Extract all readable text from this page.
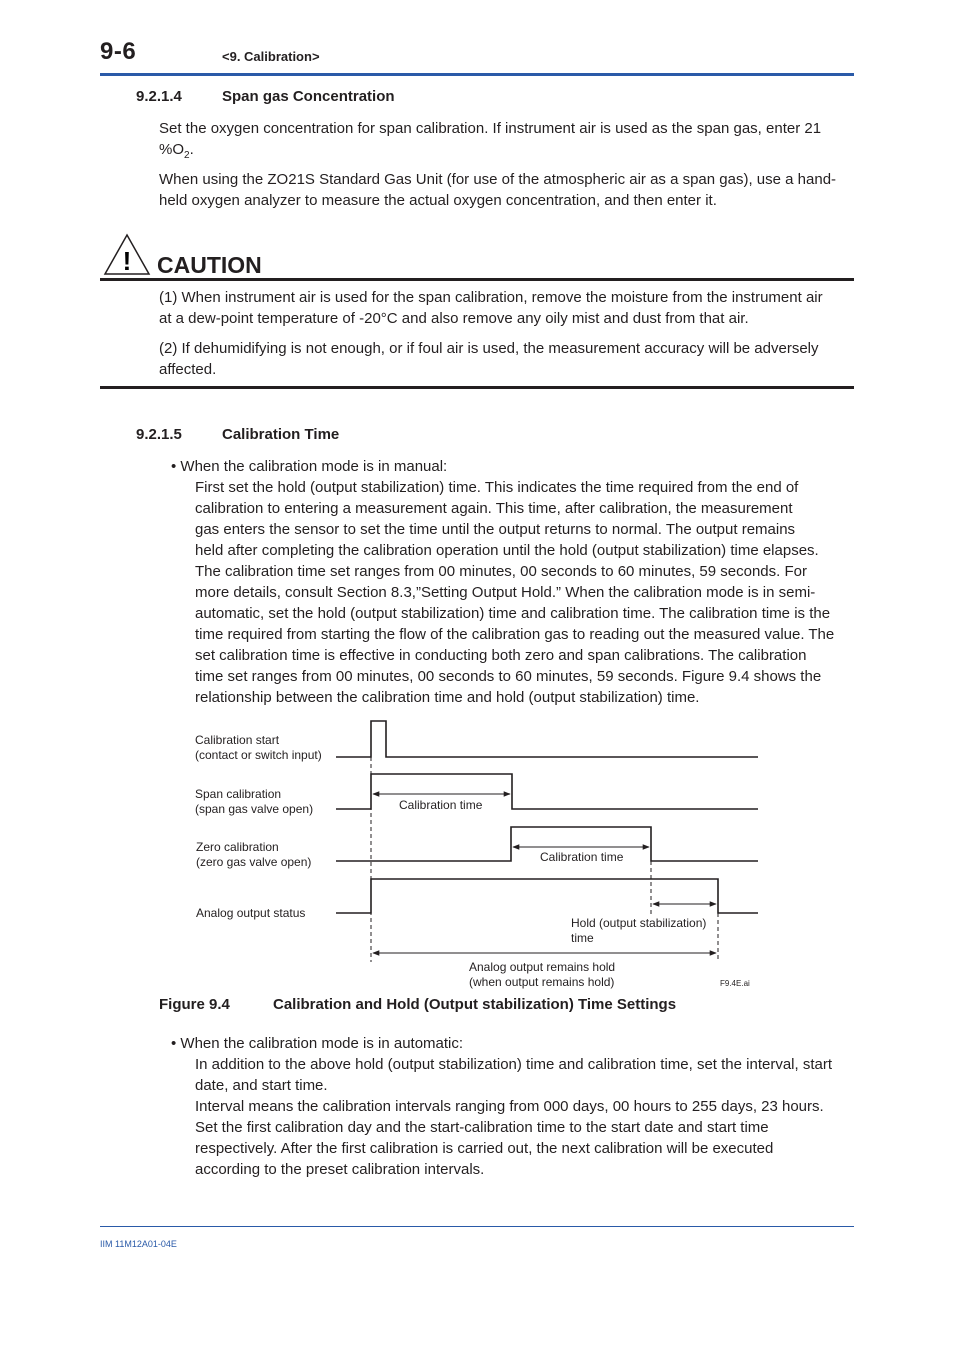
9-6	<9. Calibration>
9.2.1.4	Span gas Concentration
Set the oxygen concentration for span calibration. If instrument air is used as the span gas, enter 21
$\%O_2$.
When using the ZO21S Standard Gas Unit (for use of the atmospheric air as a span gas), use a hand-
held oxygen analyzer to measure the actual oxygen concentration, and then enter it.
! CAUTION
(1) When instrument air is used for the span calibration, remove the moisture from the instrument air
at a dew-point temperature of -20°C and also remove any oily mist and dust from that air.
(2) If dehumidifying is not enough, or if foul air is used, the measurement accuracy will be adversely
affected.
9.2.1.5	Calibration Time
• When the calibration mode is in manual:
First set the hold (output stabilization) time. This indicates the time required from the end of
calibration to entering a measurement again. This time, after calibration, the measurement
gas enters the sensor to set the time until the output returns to normal. The output remains
held after completing the calibration operation until the hold (output stabilization) time elapses.
The calibration time set ranges from 00 minutes, 00 seconds to 60 minutes, 59 seconds. For
more details, consult Section 8.3,”Setting Output Hold.” When the calibration mode is in semi-
automatic, set the hold (output stabilization) time and calibration time. The calibration time is the
time required from starting the flow of the calibration gas to reading out the measured value. The
set calibration time is effective in conducting both zero and span calibrations. The calibration
time set ranges from 00 minutes, 00 seconds to 60 minutes, 59 seconds. Figure 9.4 shows the
relationship between the calibration time and hold (output stabilization) time.
Calibration start
(contact or switch input)
Span calibration
(span gas valve open)
Zero calibration
(zero gas valve open)
Analog output status
Calibration time
Calibration time
Hold (output stabilization)
time
Analog output remains hold
(when output remains hold)	F9.4E.ai
Figure 9.4	Calibration and Hold (Output stabilization) Time Settings
• When the calibration mode is in automatic:
In addition to the above hold (output stabilization) time and calibration time, set the interval, start
date, and start time.
Interval means the calibration intervals ranging from 000 days, 00 hours to 255 days, 23 hours.
Set the first calibration day and the start-calibration time to the start date and start time
respectively. After the first calibration is carried out, the next calibration will be executed
according to the preset calibration intervals.
IIM 11M12A01-04E
